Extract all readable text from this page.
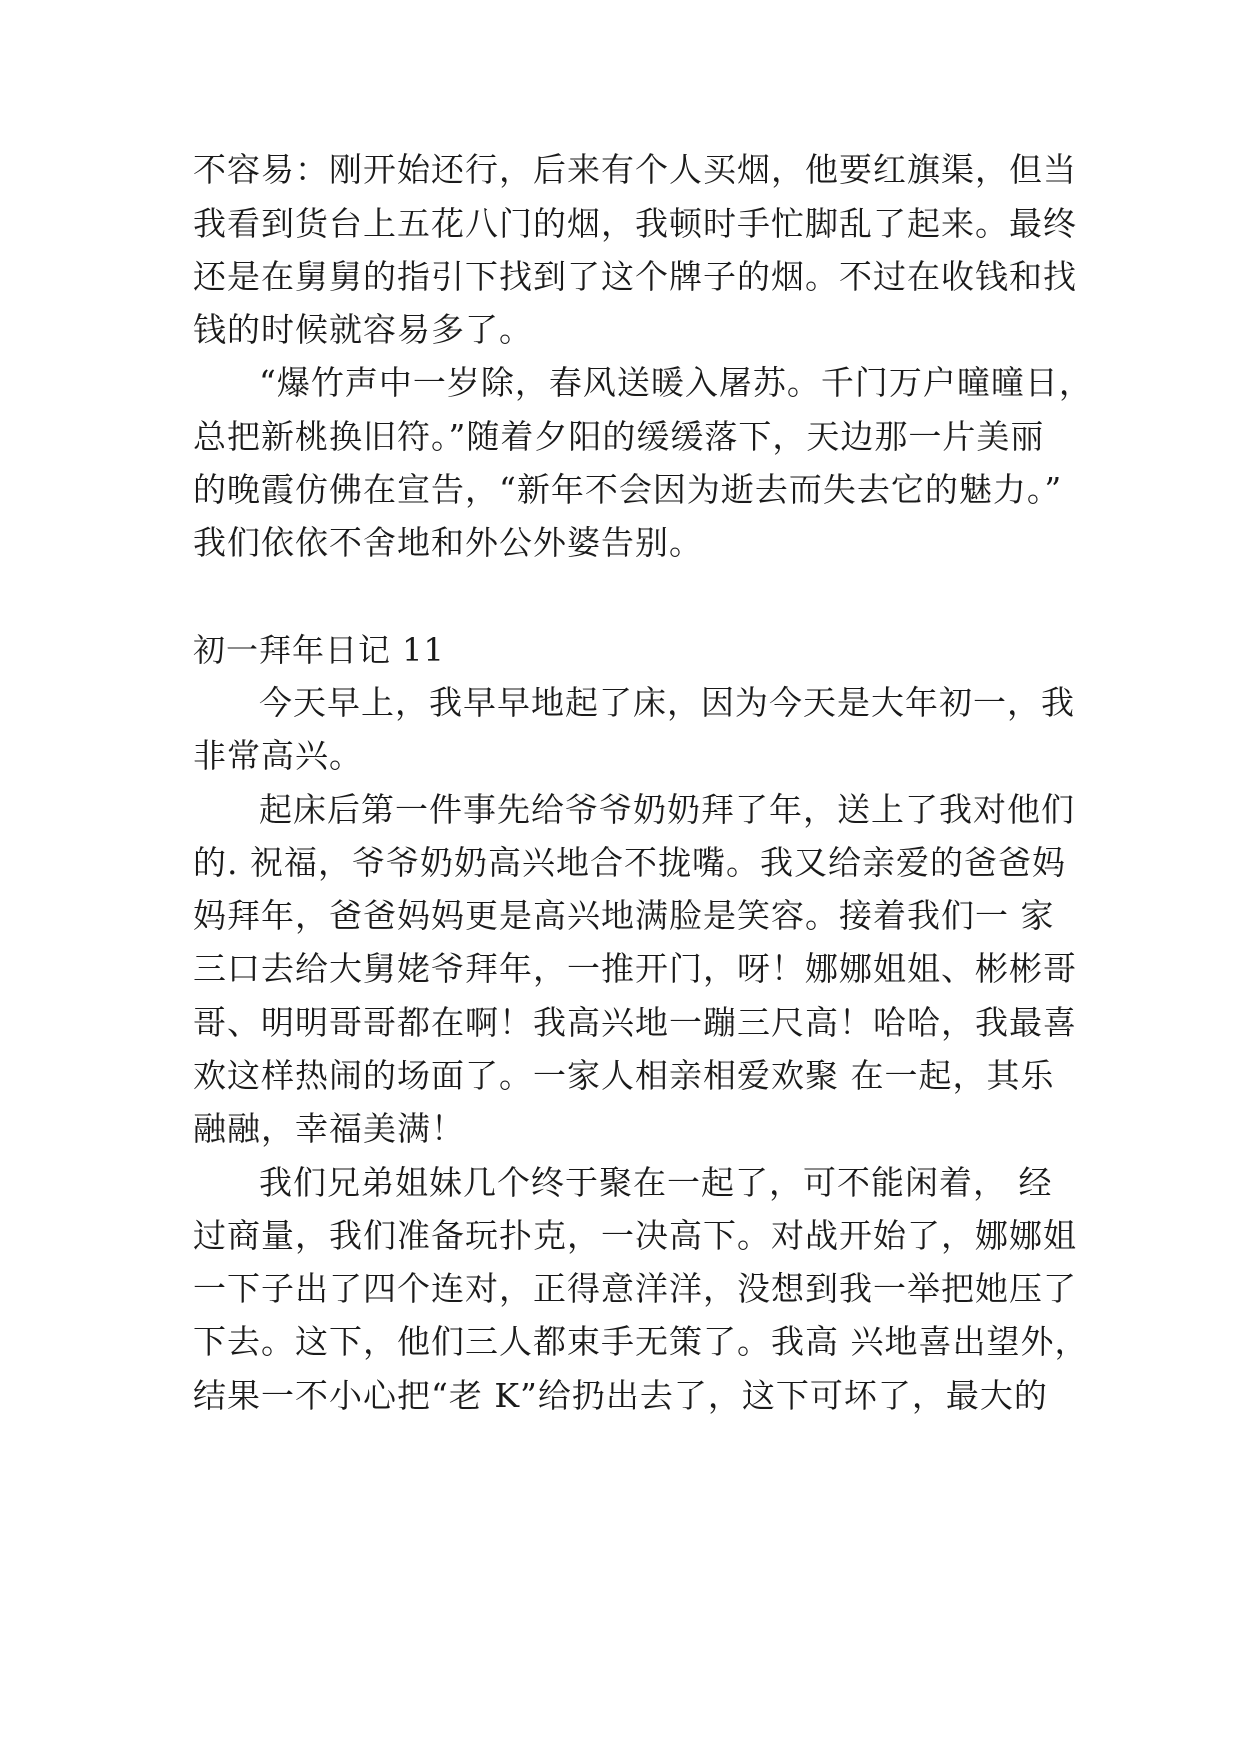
不容易：刚开始还行，后来有个人买烟，他要红旗渠，但当
我看到货台上五花八门的烟，我顿时手忙脚乱了起来。最终
还是在舅舅的指引下找到了这个牌子的烟。不过在收钱和找
钱的时候就容易多了。
“爆竹声中一岁除，春风送暖入屠苏。千门万户曈曈日，
总把新桃换旧符。”随着夕阳的缓缓落下，天边那一片美丽
的晚霞仿佛在宣告，“新年不会因为逝去而失去它的魅力。”
我们依依不舍地和外公外婆告别。
初一拜年日记 11
今天早上，我早早地起了床，因为今天是大年初一，我
非常高兴。
起床后第一件事先给爷爷奶奶拜了年，送上了我对他们
的. 祝福，爷爷奶奶高兴地合不拢嘴。我又给亲爱的爸爸妈
妈拜年，爸爸妈妈更是高兴地满脸是笑容。接着我们一 家
三口去给大舅姥爷拜年，一推开门，呀！娜娜姐姐、彬彬哥
哥、明明哥哥都在啊！我高兴地一蹦三尺高！哈哈，我最喜
欢这样热闹的场面了。一家人相亲相爱欢聚 在一起，其乐
融融，幸福美满！
我们兄弟姐妹几个终于聚在一起了，可不能闲着， 经
过商量，我们准备玩扑克，一决高下。对战开始了，娜娜姐
一下子出了四个连对，正得意洋洋，没想到我一举把她压了
下去。这下，他们三人都束手无策了。我高 兴地喜出望外，
结果一不小心把“老 K”给扔出去了，这下可坏了，最大的
